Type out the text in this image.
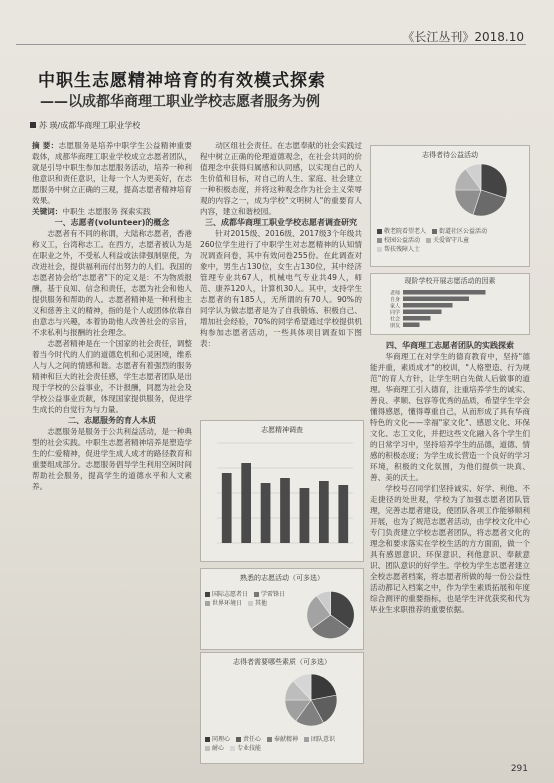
《长江丛刊》2018.10
中职生志愿精神培育的有效模式探索
——以成都华商理工职业学校志愿者服务为例
苏 瑛/成都华商理工职业学校

摘 要：志愿服务是培养中职学生公益精神重要载体，成都华商理工职业学校成立志愿者团队，就是引导中职生参加志愿服务活动，培养一种利他意识和责任意识，让每一个人为更美好，在志愿服务中树立正确的三观，提高志愿者精神培育效果。

关键词：中职生 志愿服务 探索实践

一、志愿者(volunteer)的概念

志愿者有不同的称谓，大陆称志愿者，香港称义工，台湾称志工。在西方，志愿者被认为是在职业之外，不受私人利益或法律强制驱使，为改进社会，提供福利而付出努力的人们。我国的志愿者协会给"志愿者"下的定义是：不为物质报酬，基于良知、信念和责任，志愿为社会和他人提供服务和帮助的人。志愿者精神是一种利他主义和慈善主义的精神，指的是个人或团体依靠自由意志与兴趣，本着协助他人改善社会的宗旨，不求私利与报酬的社会理念。

志愿者精神是在一个国家的社会责任，调整着当今时代的人们的道德危机和心灵困境，维系人与人之间的情感和谐。志愿者有着强烈的服务精神和巨大的社会责任感，学生志愿者团队是出现于学校的公益事业，不计报酬，同愿为社会及学校公益事业贡献，体现国家提供服务，促进学生成长的自觉行为与力量。

二、志愿服务的育人本质

志愿服务是服务于公共利益活动，是一种典型的社会实践。中职生志愿者精神培养是塑造学生的仁爱精神，促进学生成人成才的路径教育和重要组成部分。志愿服务倡导学生利用空闲时间帮助社会服务，提高学生的道德水平和人文素养。

动区组社会责任。在志愿奉献的社会实践过程中树立正确的伦理道德观念，在社会共同的价值理念中获得归属感和认同感，以实现自己的人生价值和目标，对自己的人生、家庭、社会建立一种积极态度，并将这种观念作为社会主义荣辱观的内容之一，成为学校"文明树人"的重要育人内容，建立和谐校园。

三、成都华商理工职业学校志愿者调查研究

针对2015级、2016级、2017级3个年级共260位学生进行了中职学生对志愿精神的认知情况调查问卷，其中有效问卷255份。在此调查对象中，男生占130位，女生占130位，其中经济管理专业共67人，机械电气专业共49人，师范、康养120人，计算机30人。其中，支持学生志愿者的有185人，无所谓的有70人。90%的同学认为做志愿者是为了自我锻炼、积极自己、增加社会经验，70%的同学希望通过学校提供机构参加志愿者活动，一些具体项目调查如下图表：

志得者待公益活动
敬老院看望老人 街道社区公益活动校园公益活动 关爱留守儿童帮扶残障人士
现阶学校开展志愿活动的因素
老师
自身
家人
同学
社会
朋友
志愿精神调查
熟悉的志愿活动（可多选）
国际志愿者日 学雷锋日世界环境日 其他
志得者需要哪些素质（可多选）
同理心 责任心 奉献精神 团队意识耐心 专业技能

四、华商理工志愿者团队的实践探索

华商理工在对学生的德育教育中，坚持"德能并重，素质成才"的校训，"人格塑造、行为规范"的育人方针，让学生明白先做人后做事的道理。华商理工引入德育，注重培养学生的诚实、善良、孝顺、包容等优秀的品质，希望学生学会懂得感恩，懂得尊重自己，从而形成了具有华商特色的文化——幸福"家文化"、感恩文化、环保文化、志工文化，并把这些文化融入各个学生们的日常学习中，坚持培养学生的品德，道德、情感的积极态度；为学生成长营造一个良好的学习环境，积极的文化氛围，为他们提供一块真、善、美的沃土。

学校号召同学们坚持诚实、好学、利他、不走捷径的处世观，学校为了加强志愿者团队管理，完善志愿者建设，使团队各项工作能够顺利开展，也为了规范志愿者活动，由学校文化中心专门负责建立学校志愿者团队，将志愿者文化的理念和要求落实在学校生活的方方面面，做一个具有感恩意识、环保意识、利他意识、奉献意识、团队意识的好学生。学校为学生志愿者建立全校志愿者档案，将志愿者所做的每一份公益性活动都记入档案之中，作为学生素质拓展和年度综合测评的重要指标，也是学生评优获奖和代为毕业生求职推荐的重要依据。

291
